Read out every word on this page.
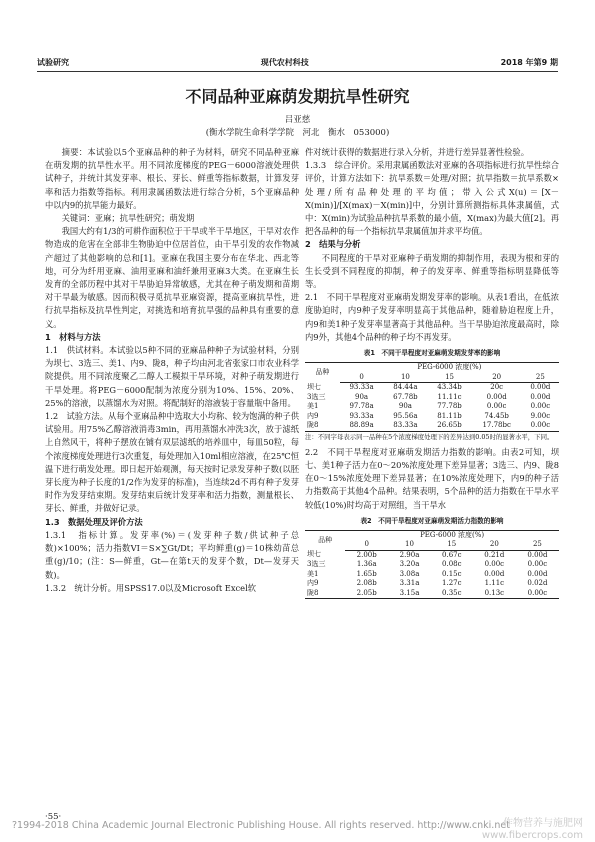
试验研究	现代农村科技	2018 年第9 期
不同品种亚麻荫发期抗旱性研究
吕亚慈
(衡水学院生命科学学院　河北　衡水　053000)

摘要：本试验以5个亚麻品种的种子为材料，研究不同品种亚麻在萌发期的抗旱性水平。用不同浓度梯度的PEG－6000溶液处理供试种子，并统计其发芽率、根长、芽长、鲜重等指标数据，计算发芽率和活力指数等指标。利用隶属函数法进行综合分析，5个亚麻品种中以内9的抗旱能力最好。

关键词：亚麻；抗旱性研究；萌发期

我国大约有1/3的可耕作面积位于干旱或半干旱地区，干旱对农作物造成的危害在全部非生物胁迫中位居首位，由干旱引发的农作物减产超过了其他影响的总和[1]。亚麻在我国主要分布在华北、西北等地，可分为纤用亚麻、油用亚麻和油纤兼用亚麻3大类。在亚麻生长发育的全部历程中其对干旱胁迫异常敏感，尤其在种子萌发期和苗期对干旱最为敏感。因而积极寻觅抗旱亚麻资源，提高亚麻抗旱性，进行抗旱指标及抗旱性判定，对挑选和培育抗旱强的品种具有重要的意义。

1　材料与方法

1.1　供试材料。本试验以5种不同的亚麻品种种子为试验材料，分别为坝七、3选三、美1、内9、陇8，种子均由河北省张家口市农业科学院提供。用不同浓度聚乙二醇人工模拟干旱环境，对种子萌发期进行干旱处理。将PEG－6000配制为浓度分别为10%、15%、20%、25%的溶液，以蒸馏水为对照。将配制好的溶液装于容量瓶中备用。

1.2　试验方法。从每个亚麻品种中选取大小均称、较为饱满的种子供试验用。用75%乙醇溶液消毒3min，再用蒸馏水冲洗3次，放于滤纸上自然风干，将种子摆放在铺有双层滤纸的培养皿中，每皿50粒，每个浓度梯度处理进行3次重复，每处理加入10ml相应溶液，在25℃恒温下进行萌发处理。即日起开始观测，每天按时记录发芽种子数(以胚芽长度为种子长度的1/2作为发芽的标准)，当连续2d不再有种子发芽时作为发芽结束期。发芽结束后统计发芽率和活力指数，测量根长、芽长、鲜重，并做好记录。

1.3　数据处理及评价方法

1.3.1　指标计算。发芽率(%)＝(发芽种子数/供试种子总数)×100%；活力指数VI＝S×∑Gt/Dt；平均鲜重(g)＝10株幼苗总重(g)/10；(注：S—鲜重，Gt—在第t天的发芽个数，Dt—发芽天数)。

1.3.2　统计分析。用SPSS17.0以及Microsoft Excel软

件对统计获得的数据进行录入分析，并进行差异显著性检验。

1.3.3　综合评价。采用隶属函数法对亚麻的各项指标进行抗旱性综合评价，计算方法如下：抗旱系数＝处理/对照；抗旱指数＝抗旱系数×处理/所有品种处理的平均值；带入公式X(u)＝[X－X(min)]/[X(max)－X(min)]中，分别计算所测指标具体隶属值，式中：X(min)为试验品种抗旱系数的最小值，X(max)为最大值[2]。再把各品种的每一个指标抗旱隶属值加并求平均值。

2　结果与分析

不同程度的干旱对亚麻种子萌发期的抑制作用，表现为根和芽的生长受到不同程度的抑制，种子的发芽率、鲜重等指标明显降低等等。

2.1　不同干旱程度对亚麻萌发期发芽率的影响。从表1看出，在低浓度胁迫时，内9种子发芽率明显高于其他品种，随着胁迫程度上升，内9和美1种子发芽率显著高于其他品种。当干旱胁迫浓度最高时，除内9外，其他4个品种的种子均不再发芽。

表1　不同干旱程度对亚麻萌发期发芽率的影响
品种	PEG-6000 浓度(%)				
	0	10	15	20	25
坝七	93.33a	84.44a	43.34b	20c	0.00d
3选三	90a	67.78b	11.11c	0.00d	0.00d
美1	97.78a	90a	77.78b	0.00c	0.00c
内9	93.33a	95.56a	81.11b	74.45b	9.00c
陇8	88.89a	83.33a	26.65b	17.78bc	0.00c
注：不同字母表示同一品种在5个浓度梯度处理下的差异达到0.05时的显著水平，下同。

2.2　不同干旱程度对亚麻萌发期活力指数的影响。由表2可知，坝七、美1种子活力在0～20%浓度处理下差异显著；3选三、内9、陇8在0～15%浓度处理下差异显著；在10%浓度处理下，内9的种子活力指数高于其他4个品种。结果表明，5个品种的活力指数在干旱水平较低(10%)时均高于对照组，当干旱水

表2　不同干旱程度对亚麻萌发期活力指数的影响
品种	PEG-6000 浓度(%)				
	0	10	15	20	25
坝七	2.00b	2.90a	0.67c	0.21d	0.00d
3选三	1.36a	3.20a	0.08c	0.00c	0.00c
美1	1.65b	3.08a	0.15c	0.00d	0.00d
内9	2.08b	3.31a	1.27c	1.11c	0.02d
陇8	2.05b	3.15a	0.35c	0.13c	0.00c
·55·
?1994-2018 China Academic Journal Electronic Publishing House. All rights reserved. http://www.cnki.net
作物营养与施肥网
www.fibercrops.com
